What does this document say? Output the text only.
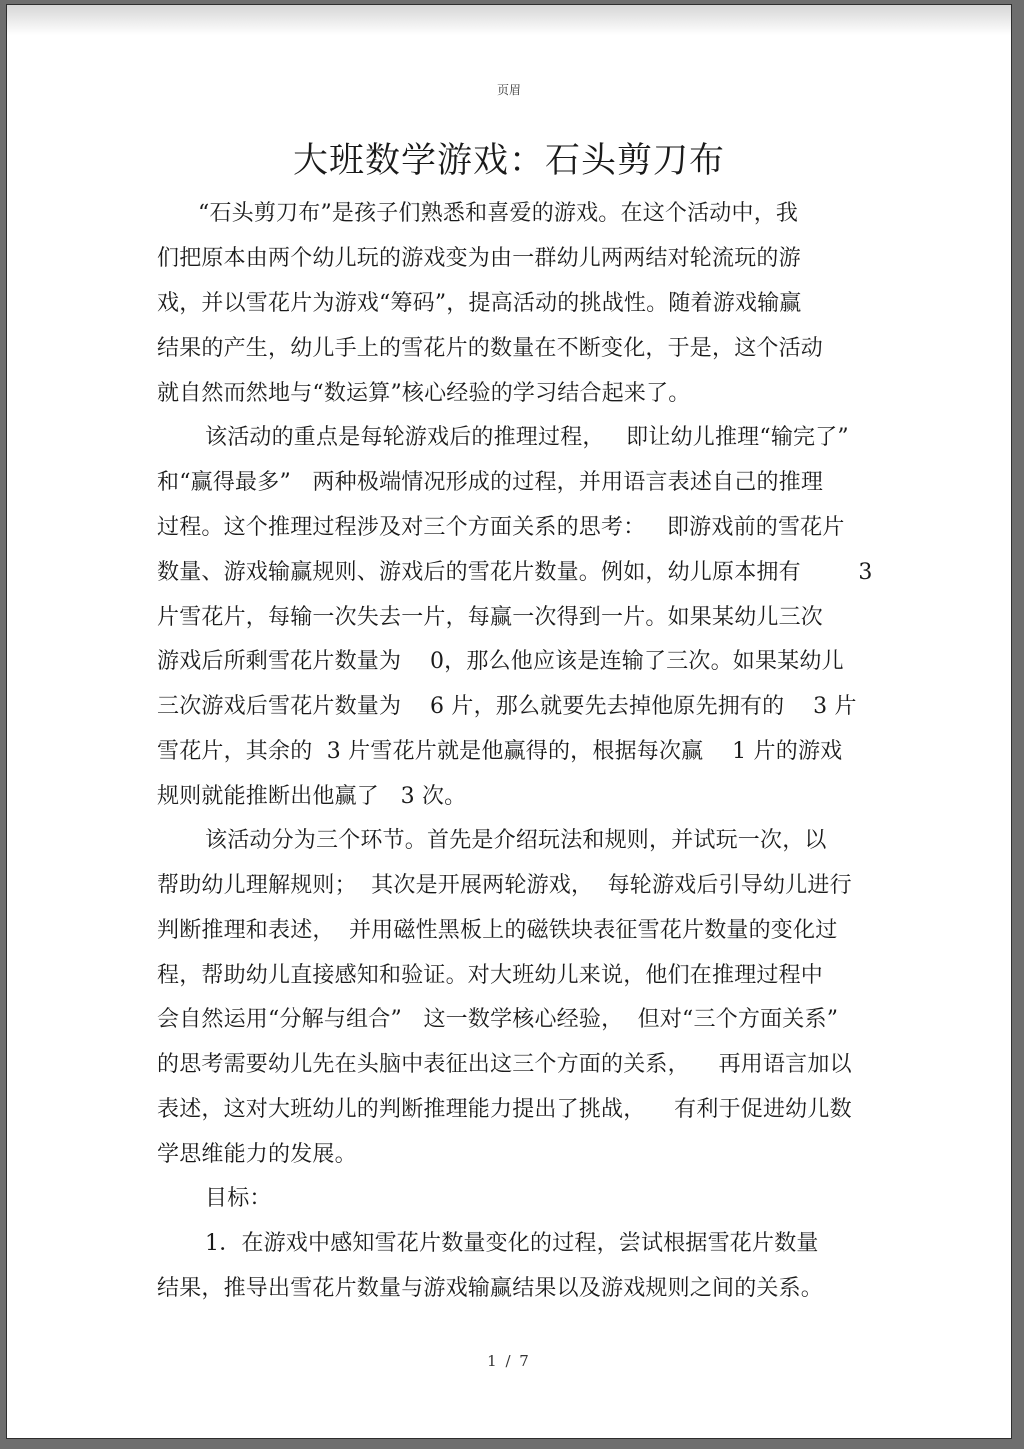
页眉
大班数学游戏：石头剪刀布
“石头剪刀布”是孩子们熟悉和喜爱的游戏。在这个活动中，我
们把原本由两个幼儿玩的游戏变为由一群幼儿两两结对轮流玩的游
戏，并以雪花片为游戏“筹码”，提高活动的挑战性。随着游戏输赢
结果的产生，幼儿手上的雪花片的数量在不断变化，于是，这个活动
就自然而然地与“数运算”核心经验的学习结合起来了。
该活动的重点是每轮游戏后的推理过程，   即让幼儿推理“输完了”
和“赢得最多”   两种极端情况形成的过程，并用语言表述自己的推理
过程。这个推理过程涉及对三个方面关系的思考：   即游戏前的雪花片
数量、游戏输赢规则、游戏后的雪花片数量。例如，幼儿原本拥有        3
片雪花片，每输一次失去一片，每赢一次得到一片。如果某幼儿三次
游戏后所剩雪花片数量为    0，那么他应该是连输了三次。如果某幼儿
三次游戏后雪花片数量为    6 片，那么就要先去掉他原先拥有的    3 片
雪花片，其余的  3 片雪花片就是他赢得的，根据每次赢    1 片的游戏
规则就能推断出他赢了   3 次。
该活动分为三个环节。首先是介绍玩法和规则，并试玩一次，以
帮助幼儿理解规则；  其次是开展两轮游戏，  每轮游戏后引导幼儿进行
判断推理和表述，  并用磁性黑板上的磁铁块表征雪花片数量的变化过
程，帮助幼儿直接感知和验证。对大班幼儿来说，他们在推理过程中
会自然运用“分解与组合”   这一数学核心经验，  但对“三个方面关系”
的思考需要幼儿先在头脑中表征出这三个方面的关系，    再用语言加以
表述，这对大班幼儿的判断推理能力提出了挑战，    有利于促进幼儿数
学思维能力的发展。
目标：
1．在游戏中感知雪花片数量变化的过程，尝试根据雪花片数量
结果，推导出雪花片数量与游戏输赢结果以及游戏规则之间的关系。
1 / 7
